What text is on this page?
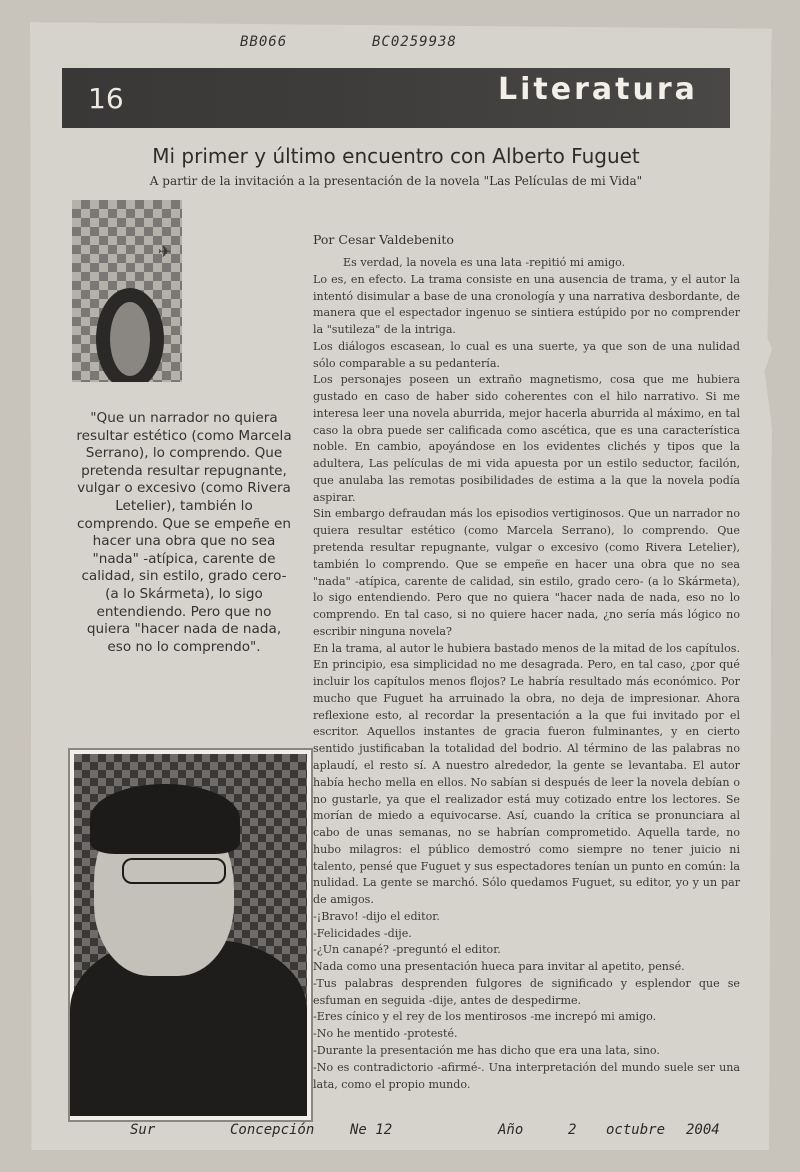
BB066	BC0259938
16	Literatura
Mi primer y último encuentro con Alberto Fuguet
A partir de la invitación a la presentación de la novela "Las Películas de mi Vida"
✈
"Que un narrador no quiera resultar estético (como Marcela Serrano), lo comprendo. Que pretenda resultar repugnante, vulgar o excesivo (como Rivera Letelier), también lo comprendo. Que se empeñe en hacer una obra que no sea "nada" -atípica, carente de calidad, sin estilo, grado cero- (a lo Skármeta), lo sigo entendiendo. Pero que no quiera "hacer nada de nada, eso no lo comprendo".
Por Cesar Valdebenito

Es verdad, la novela es una lata -repitió mi amigo.

Lo es, en efecto. La trama consiste en una ausencia de trama, y el autor la intentó disimular a base de una cronología y una narrativa desbordante, de manera que el espectador ingenuo se sintiera estúpido por no comprender la "sutileza" de la intriga.

Los diálogos escasean, lo cual es una suerte, ya que son de una nulidad sólo comparable a su pedantería.

Los personajes poseen un extraño magnetismo, cosa que me hubiera gustado en caso de haber sido coherentes con el hilo narrativo. Si me interesa leer una novela aburrida, mejor hacerla aburrida al máximo, en tal caso la obra puede ser calificada como ascética, que es una característica noble. En cambio, apoyándose en los evidentes clichés y tipos que la adultera, Las películas de mi vida apuesta por un estilo seductor, facilón, que anulaba las remotas posibilidades de estima a la que la novela podía aspirar.

Sin embargo defraudan más los episodios vertiginosos. Que un narrador no quiera resultar estético (como Marcela Serrano), lo comprendo. Que pretenda resultar repugnante, vulgar o excesivo (como Rivera Letelier), también lo comprendo. Que se empeñe en hacer una obra que no sea "nada" -atípica, carente de calidad, sin estilo, grado cero- (a lo Skármeta), lo sigo entendiendo. Pero que no quiera "hacer nada de nada, eso no lo comprendo. En tal caso, si no quiere hacer nada, ¿no sería más lógico no escribir ninguna novela?

En la trama, al autor le hubiera bastado menos de la mitad de los capítulos. En principio, esa simplicidad no me desagrada. Pero, en tal caso, ¿por qué incluir los capítulos menos flojos? Le habría resultado más económico. Por mucho que Fuguet ha arruinado la obra, no deja de impresionar. Ahora reflexione esto, al recordar la presentación a la que fui invitado por el escritor. Aquellos instantes de gracia fueron fulminantes, y en cierto sentido justificaban la totalidad del bodrio. Al término de las palabras no aplaudí, el resto sí. A nuestro alrededor, la gente se levantaba. El autor había hecho mella en ellos. No sabían si después de leer la novela debían o no gustarle, ya que el realizador está muy cotizado entre los lectores. Se morían de miedo a equivocarse. Así, cuando la crítica se pronunciara al cabo de unas semanas, no se habrían comprometido. Aquella tarde, no hubo milagros: el público demostró como siempre no tener juicio ni talento, pensé que Fuguet y sus espectadores tenían un punto en común: la nulidad. La gente se marchó. Sólo quedamos Fuguet, su editor, yo y un par de amigos.

-¡Bravo! -dijo el editor.

-Felicidades -dije.

-¿Un canapé? -preguntó el editor.

Nada como una presentación hueca para invitar al apetito, pensé.

-Tus palabras desprenden fulgores de significado y esplendor que se esfuman en seguida -dije, antes de despedirme.

-Eres cínico y el rey de los mentirosos -me increpó mi amigo.

-No he mentido -protesté.

-Durante la presentación me has dicho que era una lata, sino.

-No es contradictorio -afirmé-. Una interpretación del mundo suele ser una lata, como el propio mundo.

Sur	Concepción	Ne 12	Año	2 octubre 2004
